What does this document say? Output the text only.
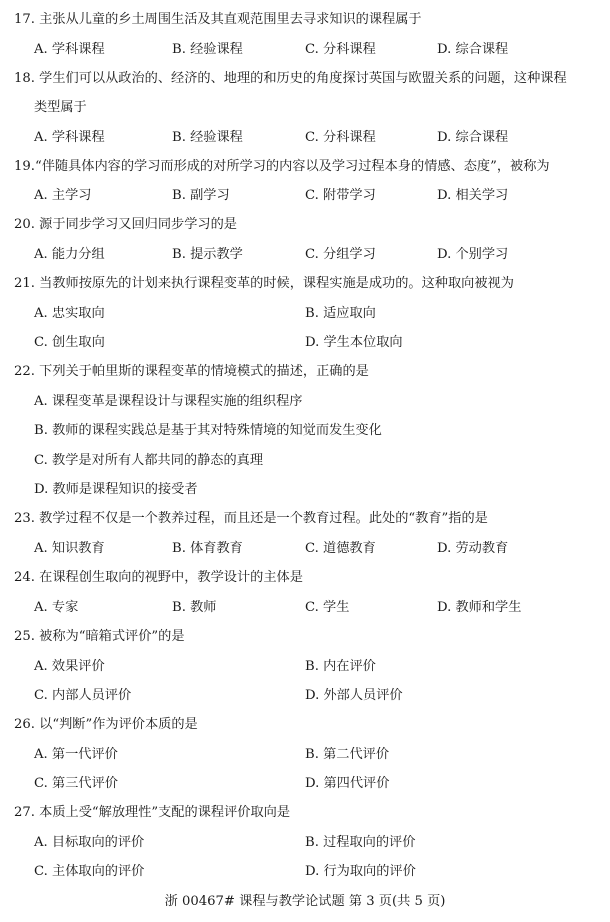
17. 主张从儿童的乡土周围生活及其直观范围里去寻求知识的课程属于
A. 学科课程	B. 经验课程	C. 分科课程	D. 综合课程
18. 学生们可以从政治的、经济的、地理的和历史的角度探讨英国与欧盟关系的问题，这种课程
类型属于
A. 学科课程	B. 经验课程	C. 分科课程	D. 综合课程
19.“伴随具体内容的学习而形成的对所学习的内容以及学习过程本身的情感、态度”，被称为
A. 主学习	B. 副学习	C. 附带学习	D. 相关学习
20. 源于同步学习又回归同步学习的是
A. 能力分组	B. 提示教学	C. 分组学习	D. 个别学习
21. 当教师按原先的计划来执行课程变革的时候，课程实施是成功的。这种取向被视为
A. 忠实取向	B. 适应取向
C. 创生取向	D. 学生本位取向
22. 下列关于帕里斯的课程变革的情境模式的描述，正确的是
A. 课程变革是课程设计与课程实施的组织程序
B. 教师的课程实践总是基于其对特殊情境的知觉而发生变化
C. 教学是对所有人都共同的静态的真理
D. 教师是课程知识的接受者
23. 教学过程不仅是一个教养过程，而且还是一个教育过程。此处的“教育”指的是
A. 知识教育	B. 体育教育	C. 道德教育	D. 劳动教育
24. 在课程创生取向的视野中，教学设计的主体是
A. 专家	B. 教师	C. 学生	D. 教师和学生
25. 被称为“暗箱式评价”的是
A. 效果评价	B. 内在评价
C. 内部人员评价	D. 外部人员评价
26. 以“判断”作为评价本质的是
A. 第一代评价	B. 第二代评价
C. 第三代评价	D. 第四代评价
27. 本质上受“解放理性”支配的课程评价取向是
A. 目标取向的评价	B. 过程取向的评价
C. 主体取向的评价	D. 行为取向的评价
浙 00467# 课程与教学论试题 第 3 页(共 5 页)
